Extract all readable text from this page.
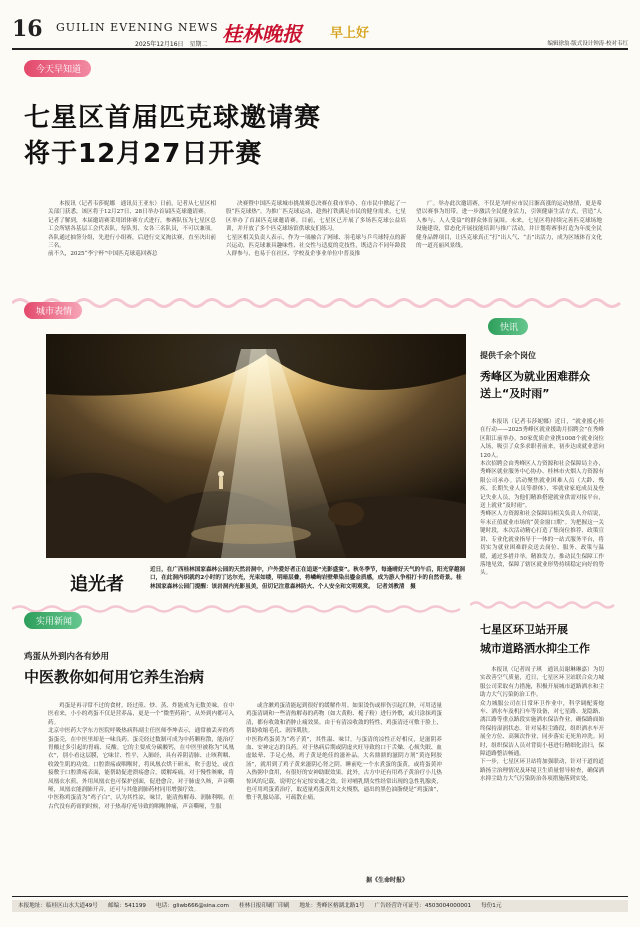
16 GUILIN EVENING NEWS
2025年12月16日　星期二 桂林晚报 早上好
编辑徐翁·版式设计钟涛·校对韦红
今天早知道
七星区首届匹克球邀请赛
将于12月27日开赛
本报讯（记者韦莎妮娜　通讯员王亚东）日前，记者从七星区相关部门获悉，该区将于12月27日、28日举办首届匹克球邀请赛。
记者了解到，本届邀请赛采用团体赛方式进行，参赛队伍为七星区总工会所辖各基层工会代表队，每队男、女各三名队员，不可以兼项。各队通过抽签分组，先进行小组赛，后进行交叉淘汰赛，直至决出前三名。
前不久，2025“李宁杯”中国匹克球巡回赛总
决赛暨中国匹克球城市挑战赛总决赛在我市举办，在市民中掀起了一股“匹克球热”。为推广匹克球运动，趁热打铁满足市民的健身需求，七星区举办了首届匹克球邀请赛。目前，七星区已开展了多场匹克球公益培训，并开放了多个匹克球场馆供球友们练习。
七星区相关负责人表示，作为一项融合了网球、羽毛球与乒乓球特点的新兴运动，匹克球兼具趣味性、社交性与适度的竞技性，既适合不同年龄段人群参与，也易于在社区、学校及企事业单位中普及推
广。举办此次邀请赛，不仅是为呼应市民日渐高涨的运动热情，更是希望以赛事为纽带，进一步激活全民健身活力，引领健康生活方式，营造“人人参与、人人受益”的群众体育氛围。未来，七星区将持续完善匹克球场地设施建设，常态化开展技能培训与推广活动，并计划将赛事打造为年度全民健身品牌项目，让匹克球真正“打”出人气、“击”出活力，成为区域体育文化的一道亮丽风景线。
城市表情
追光者
近日，在广西桂林国家森林公园的天然岩洞中，户外爱好者正在追逐“光影盛宴”。秋冬季节，每逢晴好天气的午后，阳光穿越洞口，在此洞内织就约2小时的丁达尔光，光束如缕，明暗层叠，将嶙峋岩壁晕染出鎏金质感，成为游人争相打卡的自然奇景。桂林国家森林公园门提醒：该岩洞内光影虽美，但切记注意森林防火、个人安全和文明观赏。　记者刘教清　摄
快讯
提供千余个岗位
秀峰区为就业困难群众
送上“及时雨”
本报讯（记者韦莎妮娜）近日，“就业援心桂在行动——2025秀峰区就业援助月招聘会”在秀峰区阳江前举办。50家优质企业携1008个就业岗位入场，吸引了众多求职者前来，初步达成就业意向120人。
本次招聘会由秀峰区人力资源和社会保障局主办，秀峰区就业服务中心协办、桂林市火烟人力资源有限公司承办。活动聚焦就业困难人员（大龄、残疾、长期失业人员等群体），零就业家庭成员及登记失业人员，为他们精准搭建就业供需对接平台，送上就业“及时雨”。
秀峰区人力资源和社会保障局相关负责人介绍说，年末正值就业市场的“黄金窗口期”。为把握这一关键时段，本次活动精心打造了集岗位推荐、政策宣讲、专业化就业指导于一体的一站式服务平台，将切实为就业困难群众送去岗位、服务、政策与温暖，通过多措并举，精准发力，推动民生保障工作落地见效，保障了辖区就业形势持续稳定向好的势头。
七星区环卫站开展
城市道路洒水抑尘工作
本报讯（记者周子琪　通讯员谢琳琳嘉）为切实改善空气质量，近日，七星区环卫站联合众力城服公司采取有力措施，积极开展城市道路洒水和尘助力大气污染防治工作。
众力城服公司在日常环卫作业中，科学调配雾炮车、洒水车及机扫车等设备，对七星路、龙隐路、漓江路等重点路段实施洒水保洁作业，确保路面始终保持湿润状态。针对易积尘路段，组织洒水车开展全方位、高频次作业，同步落实无死角冲洗。同时，组织保洁人员对背街小巷进行精细化清扫，保障道路整洁畅通。
下一步，七星区环卫站将加强联动，针对干道的道路扬尘治理情况及环境卫生质量督导检查，确保洒水抑尘助力大气污染防治各项措施落到实处。
实用新闻
鸡蛋从外到内各有妙用
中医教你如何用它养生治病
鸡蛋是再寻常不过的食材，经过煎、炒、蒸、炸能成为无数美味。在中医看来，小小的鸡蛋不仅是营养品，更是一个“微型药箱”，从外到内都可入药。
北京中医药大学东方医院呼吸热病科副主任医师李坤表示，通常被丢弃的鸡蛋蛋壳，在中医里却是一味良药。蛋壳经过数制可成为中药颗粒散，能治疗胃酸过多引起的胃痛、反酸。它的主要成分碳酸钙，在中医里被称为“凤凰衣”，别小看这层膜，它味甘、性平，入肺经，具有养阴清肺、止咳利咽、收敛生肌的功效。口腔溃疡或咽喉时，将凤凰衣烘干研末，吹于患处，或直接敷于口腔溃疡表面，能帮助促进溃疡愈合，缓解疼痛。对于慢性咳嗽，将凤凰衣水煎，外用凤凰衣也可保护创面，促进愈合。对于肺虚久咳，声音嘶哑，凤凰衣能润肺开音，还可与其他润肺药材同用增强疗效。
中医称鸡蛋清为“鸡子白”，认为其性凉，味甘，能清热解毒、润肺利咽。在古代没有药膏的时候，对于热毒疗疮导致的咽喉肿痛，声音嘶哑，生服
或含漱鸡蛋清能起到很好的缓解作用。如果烫伤或摔伤引起红肿，可用适量鸡蛋清调和一些清热解毒的药物（如大黄粉、栀子粉）进行外敷，或只涂抹鸡蛋清，都有收敛和消肿止痛效果。由于有清凉收敛的特性，鸡蛋清还可敷于脸上，帮助收缩毛孔、润泽肌肤。
中医称鸡蛋黄为“鸡子黄”，其性温、味甘，与蛋清的凉性正好相反，是滋阴养血、安神定志的良药。对于热病后期或阴虚火旺导致的口干舌燥、心烦失眠、血虚眩晕、手足心热，鸡子黄是绝佳的滋补品。大名鼎鼎的滋阴方剂“黄连阿胶汤”，就用到了鸡子黄来滋阴心肾之阴。睡前吃一个水煮蛋的蛋黄，或将蛋黄冲入热粥中食用，有很好的安神助眠效果。此外，古方中还有用鸡子黄治疗小儿热惊风的记载，说明它有定惊安魂之效。针对哺乳期女性经常出现的急性乳腺炎，也可用鸡蛋黄治疗，取适量鸡蛋黄用文火慢熬，逼出的黑色油脂便是“鸡蛋油”，敷于乳腺局部，可疏散止痛。
据《生命时报》
本报地址：临桂区山水大道49号 邮编：541199 电话：gliwb666@sina.com 桂林日报印刷厂印刷 地址：秀峰区榕湖北路1号 广告经营许可证号：4503004000001 每份1元
